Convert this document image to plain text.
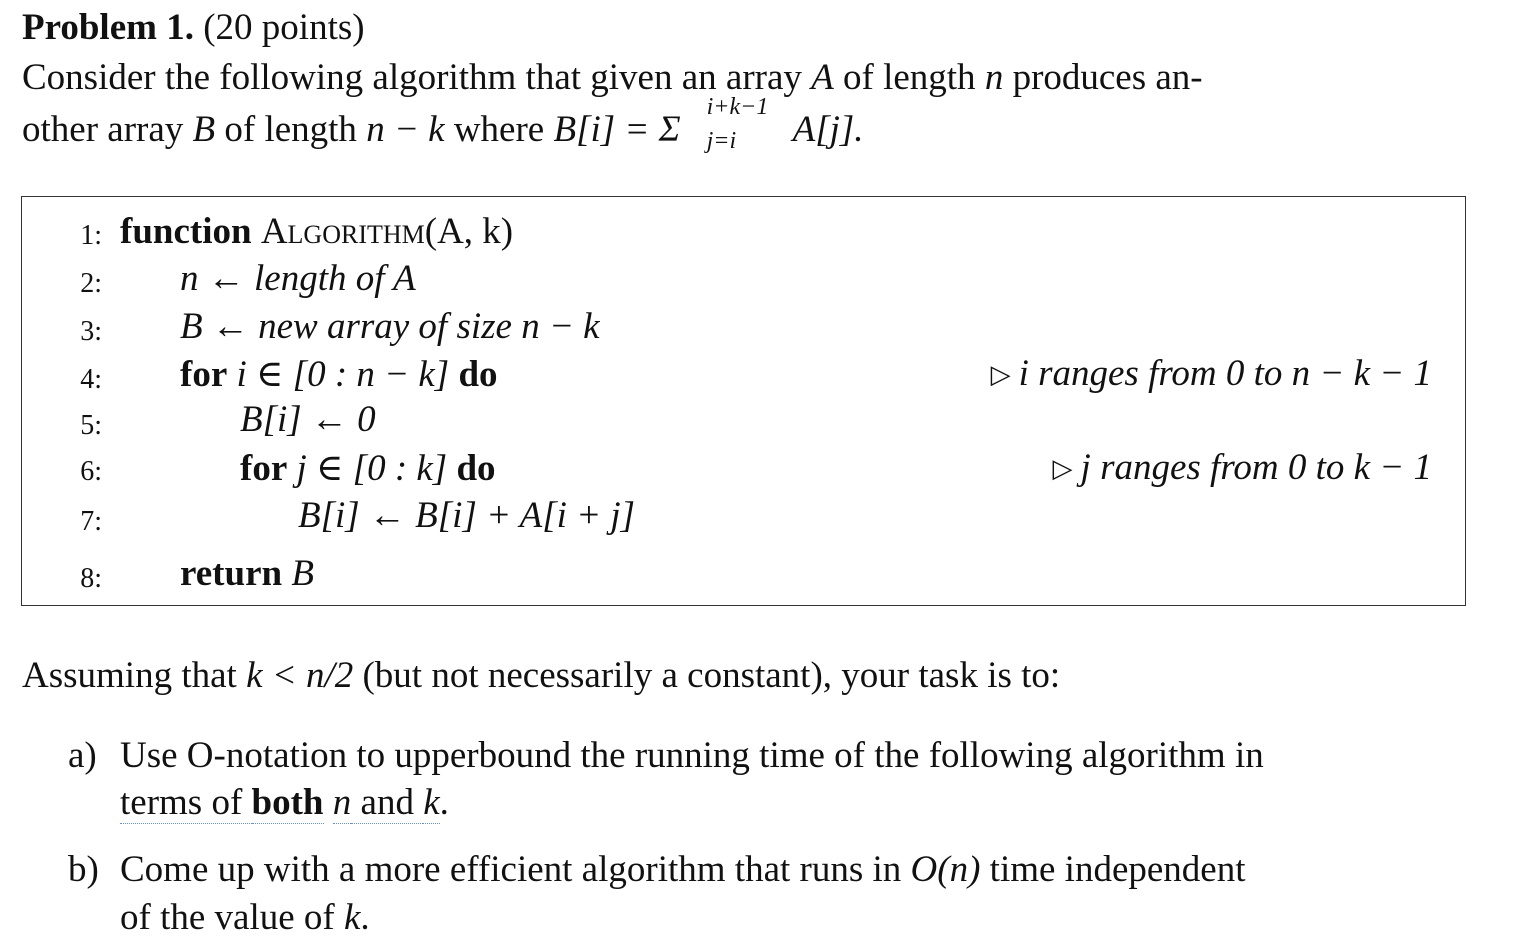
Problem 1. (20 points)
Consider the following algorithm that given an array A of length n produces an-
other array B of length n − k where B[i] = Σ
i+k−1
j=i A[j].
1: function Algorithm(A, k)
2: n ← length of A
3: B ← new array of size n − k
4: for i ∈ [0 : n − k] do	▷ i ranges from 0 to n − k − 1
5:	B[i] ← 0
6:	for j ∈ [0 : k] do	▷ j ranges from 0 to k − 1
7:	B[i] ← B[i] + A[i + j]
8: return B
Assuming that k < n/2 (but not necessarily a constant), your task is to:
a) Use O-notation to upperbound the running time of the following algorithm in
terms of both n and k.
b) Come up with a more efficient algorithm that runs in O(n) time independent
of the value of k.
